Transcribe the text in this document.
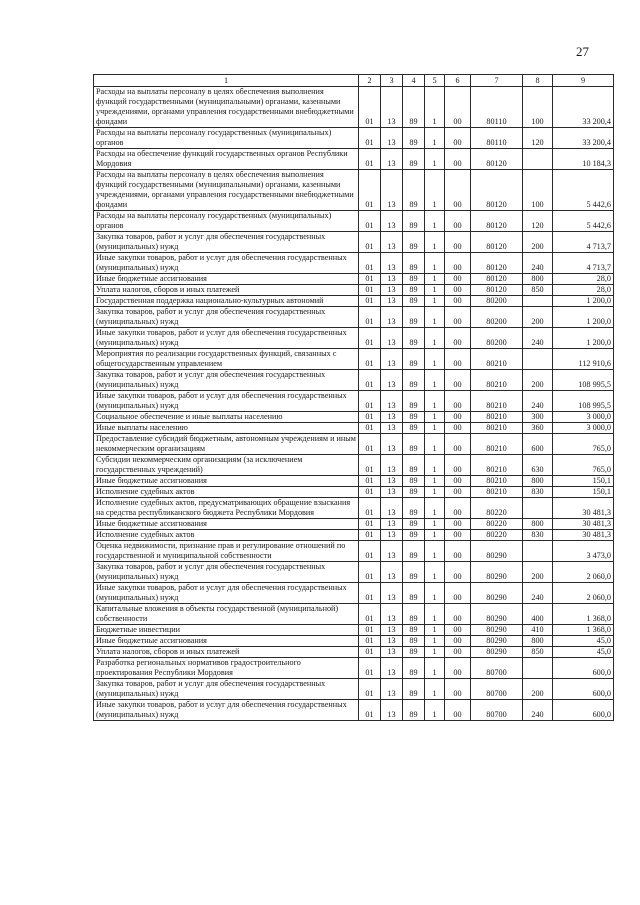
27
1	2	3	4	5	6	7	8	9
Расходы на выплаты персоналу в целях обеспечения выполнения функций государственными (муниципальными) органами, казенными учреждениями, органами управления государственными внебюджетными фондами	01	13	89	1	00	80110	100	33 200,4
Расходы на выплаты персоналу государственных (муниципальных) органов	01	13	89	1	00	80110	120	33 200,4
Расходы на обеспечение функций государственных органов Республики Мордовия	01	13	89	1	00	80120		10 184,3
Расходы на выплаты персоналу в целях обеспечения выполнения функций государственными (муниципальными) органами, казенными учреждениями, органами управления государственными внебюджетными фондами	01	13	89	1	00	80120	100	5 442,6
Расходы на выплаты персоналу государственных (муниципальных) органов	01	13	89	1	00	80120	120	5 442,6
Закупка товаров, работ и услуг для обеспечения государственных (муниципальных) нужд	01	13	89	1	00	80120	200	4 713,7
Иные закупки товаров, работ и услуг для обеспечения государственных (муниципальных) нужд	01	13	89	1	00	80120	240	4 713,7
Иные бюджетные ассигнования	01	13	89	1	00	80120	800	28,0
Уплата налогов, сборов и иных платежей	01	13	89	1	00	80120	850	28,0
Государственная поддержка национально-культурных автономий	01	13	89	1	00	80200		1 200,0
Закупка товаров, работ и услуг для обеспечения государственных (муниципальных) нужд	01	13	89	1	00	80200	200	1 200,0
Иные закупки товаров, работ и услуг для обеспечения государственных (муниципальных) нужд	01	13	89	1	00	80200	240	1 200,0
Мероприятия по реализации государственных функций, связанных с общегосударственным управлением	01	13	89	1	00	80210		112 910,6
Закупка товаров, работ и услуг для обеспечения государственных (муниципальных) нужд	01	13	89	1	00	80210	200	108 995,5
Иные закупки товаров, работ и услуг для обеспечения государственных (муниципальных) нужд	01	13	89	1	00	80210	240	108 995,5
Социальное обеспечение и иные выплаты населению	01	13	89	1	00	80210	300	3 000,0
Иные выплаты населению	01	13	89	1	00	80210	360	3 000,0
Предоставление субсидий бюджетным, автономным учреждениям и иным некоммерческим организациям	01	13	89	1	00	80210	600	765,0
Субсидии некоммерческим организациям (за исключением государственных учреждений)	01	13	89	1	00	80210	630	765,0
Иные бюджетные ассигнования	01	13	89	1	00	80210	800	150,1
Исполнение судебных актов	01	13	89	1	00	80210	830	150,1
Исполнение судебных актов, предусматривающих обращение взыскания на средства республиканского бюджета Республики Мордовия	01	13	89	1	00	80220		30 481,3
Иные бюджетные ассигнования	01	13	89	1	00	80220	800	30 481,3
Исполнение судебных актов	01	13	89	1	00	80220	830	30 481,3
Оценка недвижимости, признание прав и регулирование отношений по государственной и муниципальной собственности	01	13	89	1	00	80290		3 473,0
Закупка товаров, работ и услуг для обеспечения государственных (муниципальных) нужд	01	13	89	1	00	80290	200	2 060,0
Иные закупки товаров, работ и услуг для обеспечения государственных (муниципальных) нужд	01	13	89	1	00	80290	240	2 060,0
Капитальные вложения в объекты государственной (муниципальной) собственности	01	13	89	1	00	80290	400	1 368,0
Бюджетные инвестиции	01	13	89	1	00	80290	410	1 368,0
Иные бюджетные ассигнования	01	13	89	1	00	80290	800	45,0
Уплата налогов, сборов и иных платежей	01	13	89	1	00	80290	850	45,0
Разработка региональных нормативов градостроительного проектирования Республики Мордовия	01	13	89	1	00	80700		600,0
Закупка товаров, работ и услуг для обеспечения государственных (муниципальных) нужд	01	13	89	1	00	80700	200	600,0
Иные закупки товаров, работ и услуг для обеспечения государственных (муниципальных) нужд	01	13	89	1	00	80700	240	600,0
